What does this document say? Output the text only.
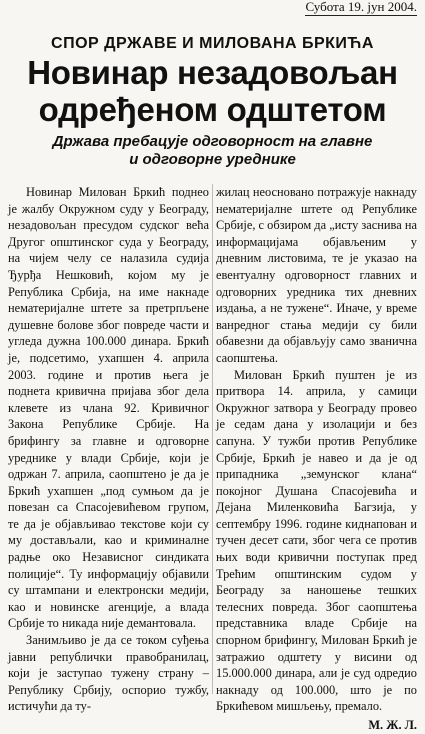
Субота 19. јун 2004.
СПОР ДРЖАВЕ И МИЛОВАНА БРКИЋА
Новинар незадовољан
одређеном одштетом
Држава пребацује одговорност на главне
и одговорне уреднике

Новинар Милован Бркић поднео је жалбу Окружном суду у Београду, незадовољан пресудом судског већа Другог општинског суда у Београду, на чијем челу се налазила судија Ђурђа Нешковић, којом му је Република Србија, на име накнаде нематеријалне штете за претрпљене душевне болове због повреде части и угледа дужна 100.000 динара. Бркић је, подсетимо, ухапшен 4. априла 2003. године и против њега је поднета кривична пријава због дела клевете из члана 92. Кривичног Закона Републике Србије. На брифингу за главне и одговорне уреднике у влади Србије, који је одржан 7. априла, саопштено је да је Бркић ухапшен „под сумњом да је повезан са Спасојевићевом групом, те да је објављивао текстове који су му достављали, као и криминалне радње око Независног синдиката полиције“. Ту информацију објавили су штампани и електронски медији, као и новинске агенције, а влада Србије то никада није демантовала.

Занимљиво је да се током суђења јавни републички правобранилац, који је заступао тужену страну – Републику Србију, оспорио тужбу, истичући да ту-

жилац неосновано потражује накнаду нематеријалне штете од Републике Србије, с обзиром да „исту заснива на информацијама објављеним у дневним листовима, те је указао на евентуалну одговорност главних и одговорних уредника тих дневних издања, а не тужене“. Иначе, у време ванредног стања медији су били обавезни да објављују само званична саопштења.

Милован Бркић пуштен је из притвора 14. априла, у самици Окружног затвора у Београду провео је седам дана у изолацији и без сапуна. У тужби против Републике Србије, Бркић је навео и да је од припадника „земунског клана“ покојног Душана Спасојевића и Дејана Миленковића Багзија, у септембру 1996. године киднапован и тучен десет сати, због чега се против њих води кривични поступак пред Трећим општинским судом у Београду за наношење тешких телесних повреда. Због саопштења представника владе Србије на спорном брифингу, Милован Бркић је затражио одштету у висини од 15.000.000 динара, али је суд одредио накнаду од 100.000, што је по Бркићевом мишљењу, премало.

М. Ж. Л.
